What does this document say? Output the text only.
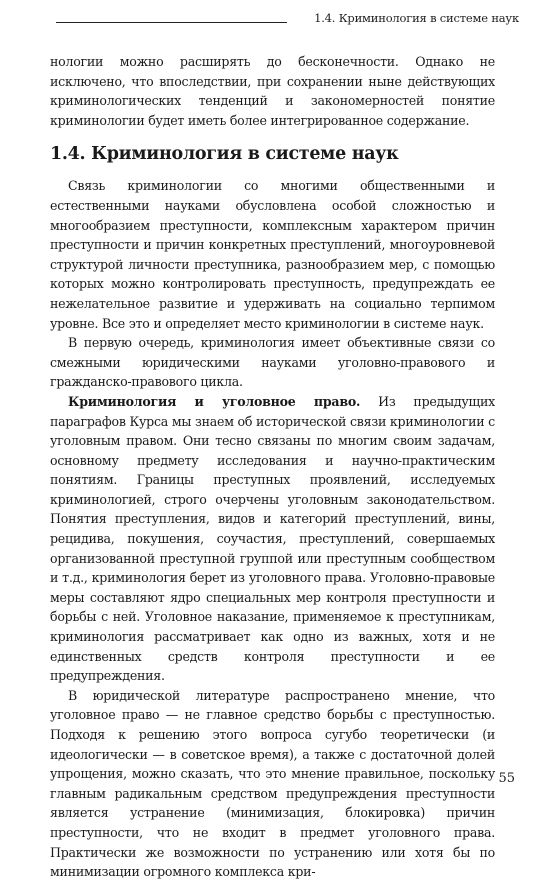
1.4. Криминология в системе наук

нологии можно расширять до бесконечности. Однако не исключено, что впоследствии, при сохранении ныне действующих криминологических тенденций и закономерностей понятие криминологии будет иметь более интегрированное содержание.

1.4. Криминология в системе наук

Связь криминологии со многими общественными и естественными науками обусловлена особой сложностью и многообразием преступности, комплексным характером причин преступности и причин конкретных преступлений, многоуровневой структурой личности преступника, разнообразием мер, с помощью которых можно контролировать преступность, предупреждать ее нежелательное развитие и удерживать на социально терпимом уровне. Все это и определяет место криминологии в системе наук.

В первую очередь, криминология имеет объективные связи со смежными юридическими науками уголовно-правового и гражданско-правового цикла.

Криминология и уголовное право. Из предыдущих параграфов Курса мы знаем об исторической связи криминологии с уголовным правом. Они тесно связаны по многим своим задачам, основному предмету исследования и научно-практическим понятиям. Границы преступных проявлений, исследуемых криминологией, строго очерчены уголовным законодательством. Понятия преступления, видов и категорий преступлений, вины, рецидива, покушения, соучастия, преступлений, совершаемых организованной преступной группой или преступным сообществом и т.д., криминология берет из уголовного права. Уголовно-правовые меры составляют ядро специальных мер контроля преступности и борьбы с ней. Уголовное наказание, применяемое к преступникам, криминология рассматривает как одно из важных, хотя и не единственных средств контроля преступности и ее предупреждения.

В юридической литературе распространено мнение, что уголовное право — не главное средство борьбы с преступностью. Подходя к решению этого вопроса сугубо теоретически (и идеологически — в советское время), а также с достаточной долей упрощения, можно сказать, что это мнение правильное, поскольку главным радикальным средством предупреждения преступности является устранение (минимизация, блокировка) причин преступности, что не входит в предмет уголовного права. Практически же возможности по устранению или хотя бы по минимизации огромного комплекса кри-

55
